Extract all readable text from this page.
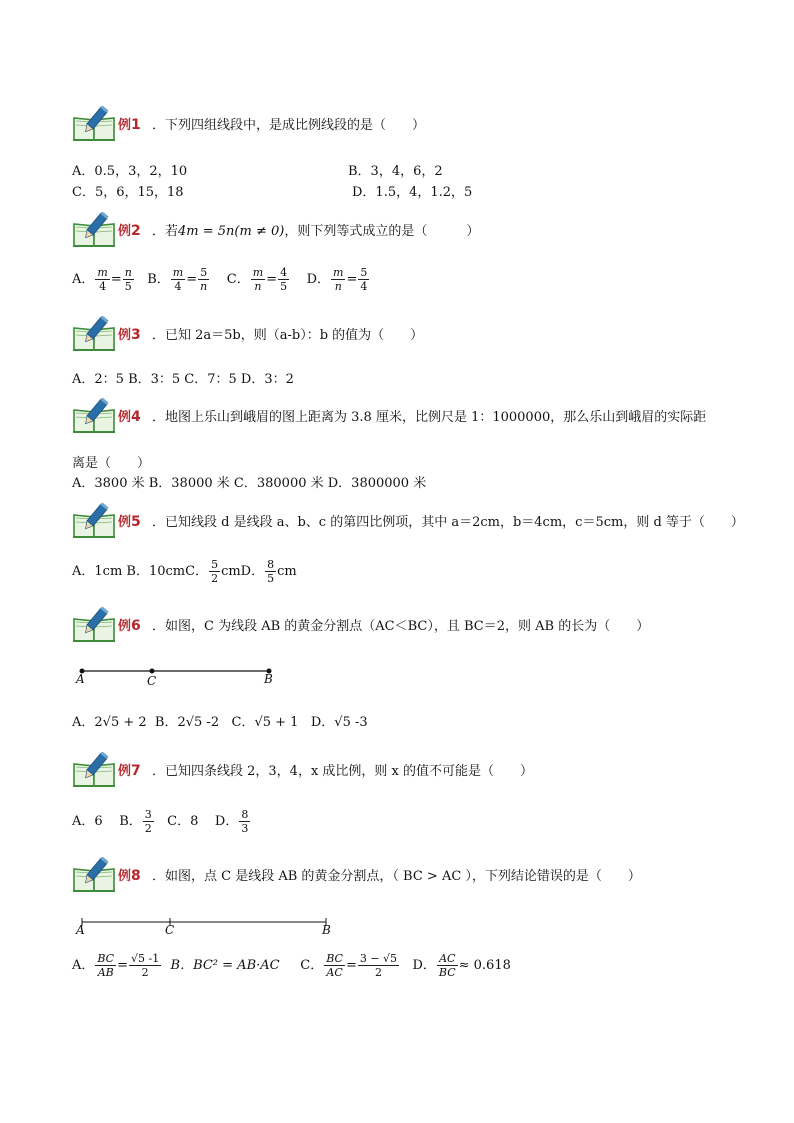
例1 ．下列四组线段中，是成比例线段的是（　　）
A．0.5，3，2，10	B．3，4，6，2
C．5，6，15，18	D．1.5，4，1.2，5
例2 ．若4m = 5n(m ≠ 0)，则下列等式成立的是（　　　）
A． $\frac{m}{4} = \frac{n}{5}$ B． $\frac{m}{4} = \frac{5}{n}$ C． $\frac{m}{n} = \frac{4}{5}$ D． $\frac{m}{n} = \frac{5}{4}$
例3 ．已知 2a＝5b，则（a-b）：b 的值为（　　）
A．2：5 B．3：5 C．7：5 D．3：2
例4 ．地图上乐山到峨眉的图上距离为 3.8 厘米，比例尺是 1：1000000，那么乐山到峨眉的实际距
离是（　　）
A．3800 米 B．38000 米 C．380000 米 D．3800000 米
例5 ．已知线段 d 是线段 a、b、c 的第四比例项，其中 a＝2cm，b＝4cm，c＝5cm，则 d 等于（　　）
A．1cm B．10cmC． $\frac{5}{2}$ cmD． $\frac{8}{5}$ cm
例6 ．如图，C 为线段 AB 的黄金分割点（AC＜BC），且 BC＝2，则 AB 的长为（　　）
A	C	B
A．2√5 + 2 B．2√5 -2 C．√5 + 1 D．√5 -3
例7 ．已知四条线段 2，3，4，x 成比例，则 x 的值不可能是（　　）
A．6 B． $\frac{3}{2}$ C．8 D． $\frac{8}{3}$
例8 ．如图，点 C 是线段 AB 的黄金分割点，（ BC > AC ），下列结论错误的是（　　）
A	C	B
A． $\frac{BC}{AB} = \frac{√5 -1}{2}$ B．BC² = AB·AC C． $\frac{BC}{AC} = \frac{3 - √5}{2}$ D． $\frac{AC}{BC} \approx 0.618$
